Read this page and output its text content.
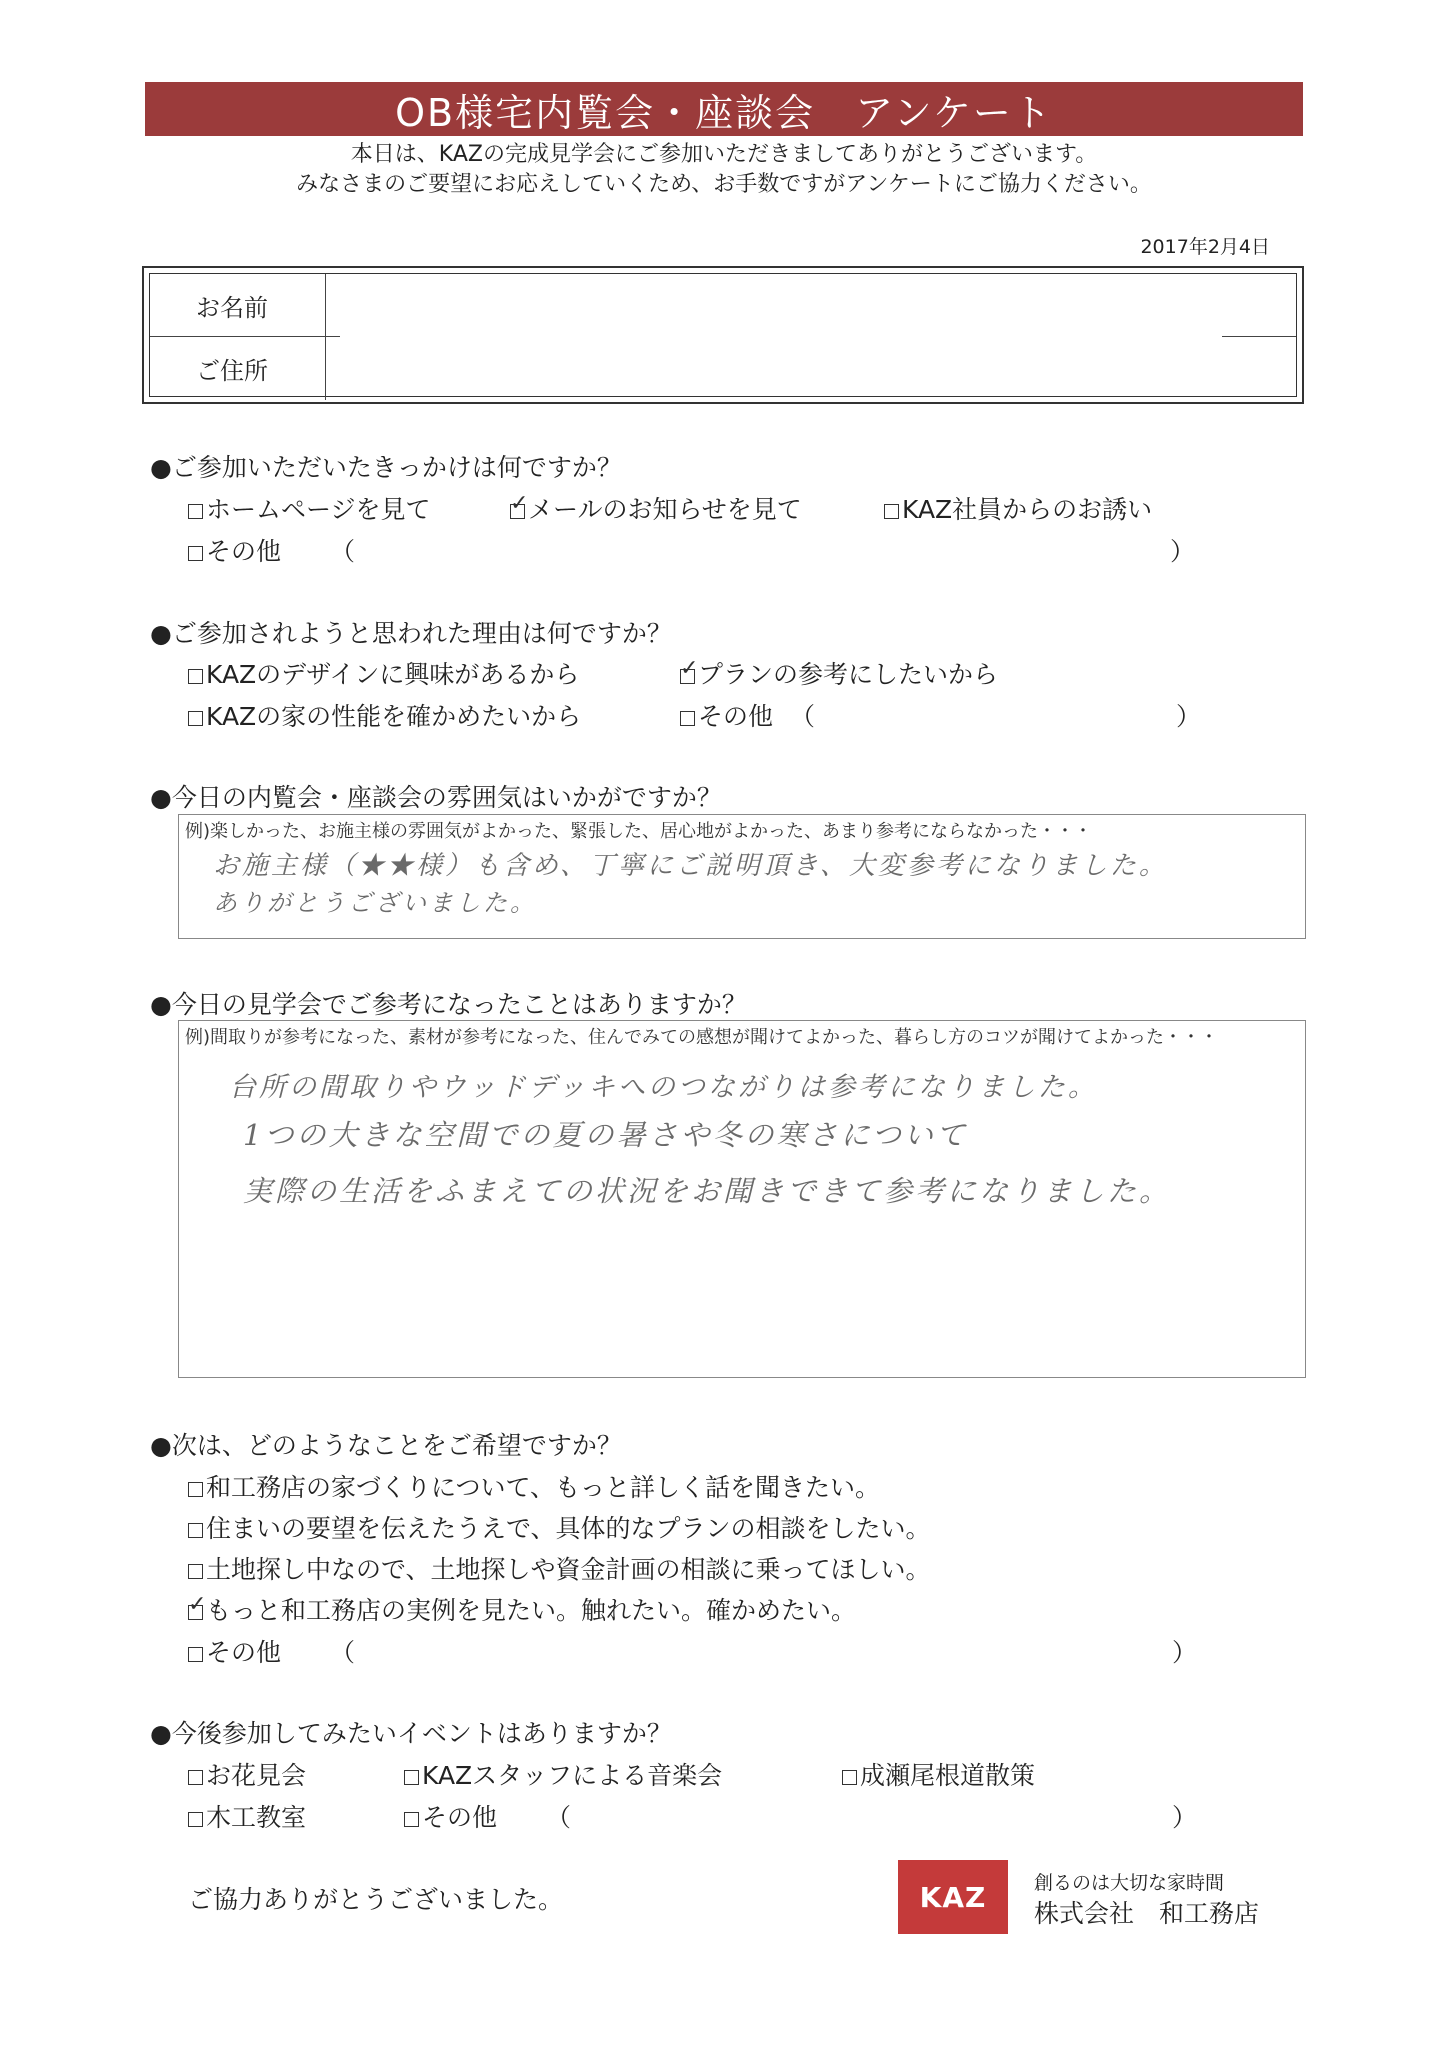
OB様宅内覧会・座談会　アンケート
本日は、KAZの完成見学会にご参加いただきましてありがとうございます。
みなさまのご要望にお応えしていくため、お手数ですがアンケートにご協力ください。
2017年2月4日
お名前
ご住所
●ご参加いただいたきっかけは何ですか？
ホームページを見て ✓	メールのお知らせを見て	KAZ社員からのお誘い
その他 （	）
●ご参加されようと思われた理由は何ですか？
KAZのデザインに興味があるから ✓	プランの参考にしたいから
KAZの家の性能を確かめたいから	その他 （	）
●今日の内覧会・座談会の雰囲気はいかがですか？
例)楽しかった、お施主様の雰囲気がよかった、緊張した、居心地がよかった、あまり参考にならなかった・・・
お施主様（★★様）も含め、丁寧にご説明頂き、大変参考になりました。
ありがとうございました。
●今日の見学会でご参考になったことはありますか？
例)間取りが参考になった、素材が参考になった、住んでみての感想が聞けてよかった、暮らし方のコツが聞けてよかった・・・
台所の間取りやウッドデッキへのつながりは参考になりました。
1つの大きな空間での夏の暑さや冬の寒さについて
実際の生活をふまえての状況をお聞きできて参考になりました。
●次は、どのようなことをご希望ですか？
和工務店の家づくりについて、もっと詳しく話を聞きたい。
住まいの要望を伝えたうえで、具体的なプランの相談をしたい。
土地探し中なので、土地探しや資金計画の相談に乗ってほしい。
✓もっと和工務店の実例を見たい。触れたい。確かめたい。
その他 （	）
●今後参加してみたいイベントはありますか？
お花見会	KAZスタッフによる音楽会	成瀬尾根道散策
木工教室	その他 （	）
ご協力ありがとうございました。	KAZ	創るのは大切な家時間
株式会社　和工務店
